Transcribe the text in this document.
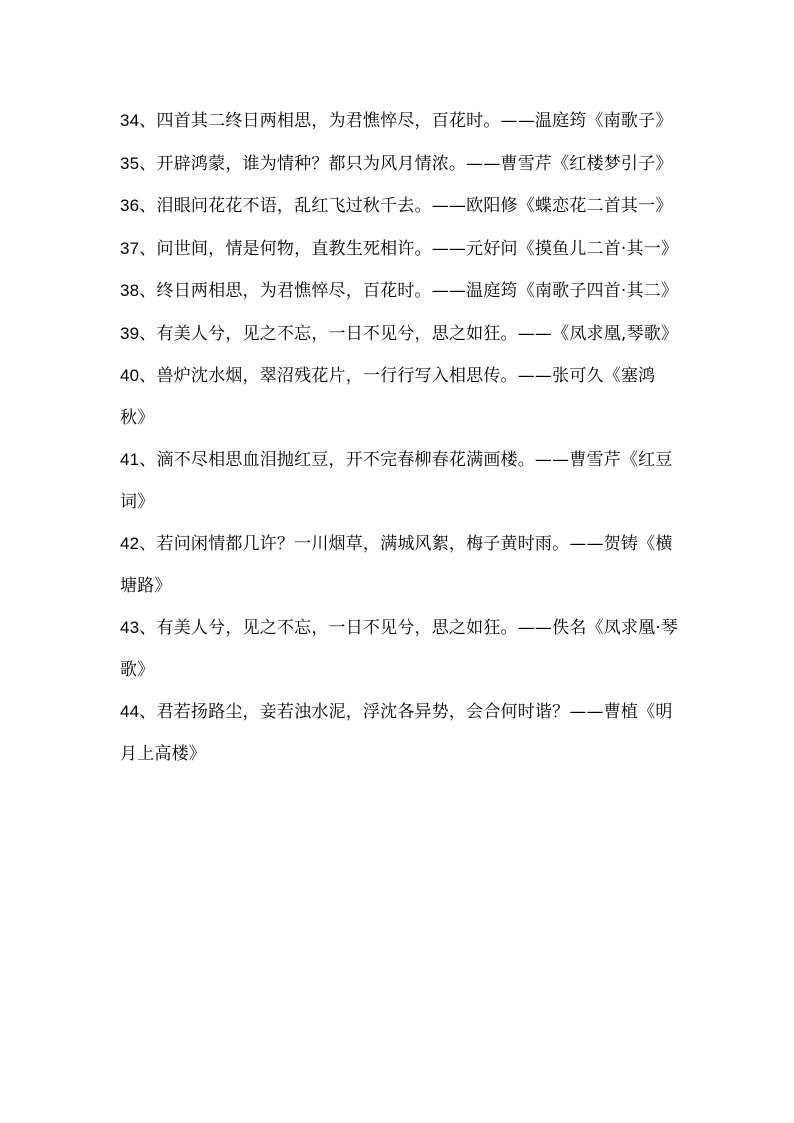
34、四首其二终日两相思，为君憔悴尽，百花时。——温庭筠《南歌子》

35、开辟鸿蒙，谁为情种？都只为风月情浓。——曹雪芹《红楼梦引子》

36、泪眼问花花不语，乱红飞过秋千去。——欧阳修《蝶恋花二首其一》

37、问世间，情是何物，直教生死相许。——元好问《摸鱼儿二首·其一》

38、终日两相思，为君憔悴尽，百花时。——温庭筠《南歌子四首·其二》

39、有美人兮，见之不忘，一日不见兮，思之如狂。——《凤求凰,琴歌》

40、兽炉沈水烟，翠沼残花片，一行行写入相思传。——张可久《塞鸿秋》

41、滴不尽相思血泪抛红豆，开不完春柳春花满画楼。——曹雪芹《红豆词》

42、若问闲情都几许？一川烟草，满城风絮，梅子黄时雨。——贺铸《横塘路》

43、有美人兮，见之不忘，一日不见兮，思之如狂。——佚名《凤求凰·琴歌》

44、君若扬路尘，妾若浊水泥，浮沈各异势，会合何时谐？——曹植《明月上高楼》
